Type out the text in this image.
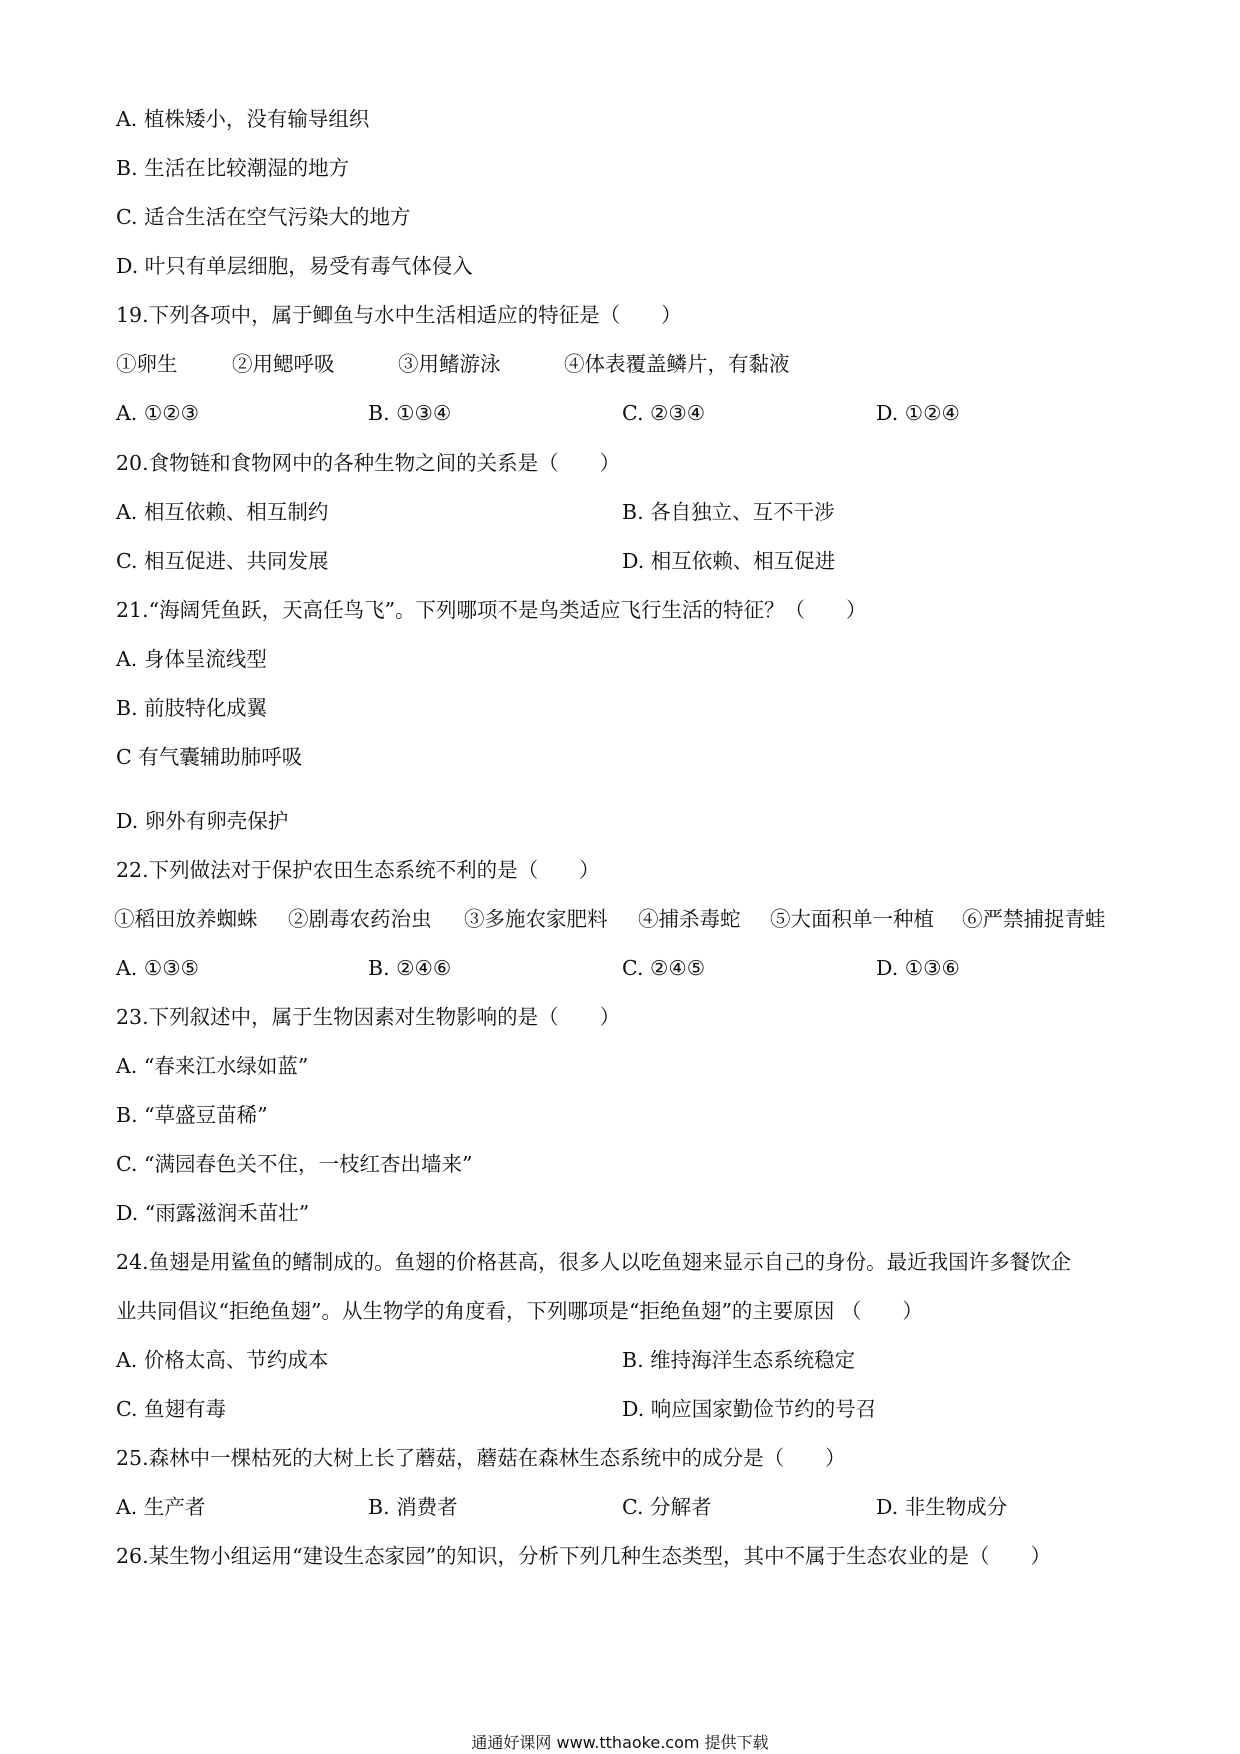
A. 植株矮小，没有输导组织
B. 生活在比较潮湿的地方
C. 适合生活在空气污染大的地方
D. 叶只有单层细胞，易受有毒气体侵入
19.下列各项中，属于鲫鱼与水中生活相适应的特征是（　　）
①卵生	②用鳃呼吸	③用鳍游泳	④体表覆盖鳞片，有黏液
A. ①②③	B. ①③④	C. ②③④	D. ①②④
20.食物链和食物网中的各种生物之间的关系是（　　）
A. 相互依赖、相互制约	B. 各自独立、互不干涉
C. 相互促进、共同发展	D. 相互依赖、相互促进
21.“海阔凭鱼跃，天高任鸟飞”。下列哪项不是鸟类适应飞行生活的特征？（　　）
A. 身体呈流线型
B. 前肢特化成翼
C 有气囊辅助肺呼吸
D. 卵外有卵壳保护
22.下列做法对于保护农田生态系统不利的是（　　）
①稻田放养蜘蛛 ②剧毒农药治虫 ③多施农家肥料 ④捕杀毒蛇 ⑤大面积单一种植 ⑥严禁捕捉青蛙
A. ①③⑤	B. ②④⑥	C. ②④⑤	D. ①③⑥
23.下列叙述中，属于生物因素对生物影响的是（　　）
A. “春来江水绿如蓝”
B. “草盛豆苗稀”
C. “满园春色关不住，一枝红杏出墙来”
D. “雨露滋润禾苗壮”
24.鱼翅是用鲨鱼的鳍制成的。鱼翅的价格甚高，很多人以吃鱼翅来显示自己的身份。最近我国许多餐饮企
业共同倡议“拒绝鱼翅”。从生物学的角度看，下列哪项是“拒绝鱼翅”的主要原因 （　　）
A. 价格太高、节约成本	B. 维持海洋生态系统稳定
C. 鱼翅有毒	D. 响应国家勤俭节约的号召
25.森林中一棵枯死的大树上长了蘑菇，蘑菇在森林生态系统中的成分是（　　）
A. 生产者	B. 消费者	C. 分解者	D. 非生物成分
26.某生物小组运用“建设生态家园”的知识，分析下列几种生态类型，其中不属于生态农业的是（　　）
通通好课网 www.tthaoke.com 提供下载
